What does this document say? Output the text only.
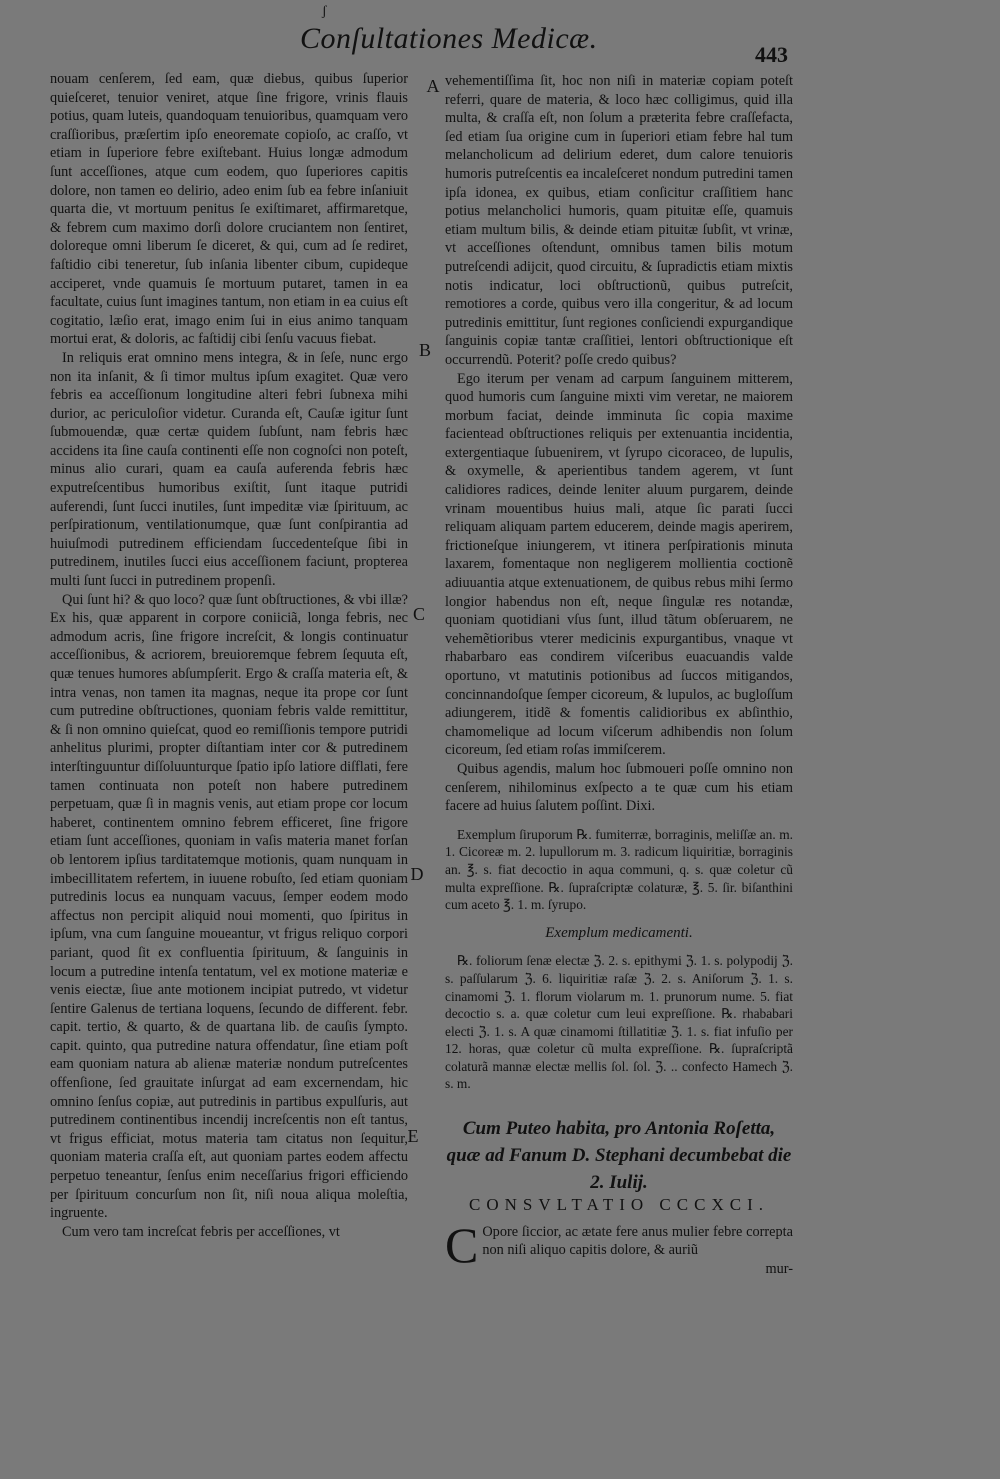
ʃ
Conſultationes Medicæ.	443
A
B
C
D
E

nouam cenſerem, ſed eam, quæ diebus, quibus ſuperior quieſceret, tenuior veniret, atque ſine frigore, vrinis flauis potius, quam luteis, quandoquam tenuioribus, quamquam vero craſſioribus, præſertim ipſo eneoremate copioſo, ac craſſo, vt etiam in ſuperiore febre exiſtebant. Huius longæ admodum ſunt acceſſiones, atque cum eodem, quo ſuperiores capitis dolore, non tamen eo delirio, adeo enim ſub ea febre inſaniuit quarta die, vt mortuum penitus ſe exiſtimaret, affirmaretque, & febrem cum maximo dorſi dolore cruciantem non ſentiret, doloreque omni liberum ſe diceret, & qui, cum ad ſe rediret, faſtidio cibi teneretur, ſub inſania libenter cibum, cupideque acciperet, vnde quamuis ſe mortuum putaret, tamen in ea facultate, cuius ſunt imagines tantum, non etiam in ea cuius eſt cogitatio, læſio erat, imago enim ſui in eius animo tanquam mortui erat, & doloris, ac faſtidij cibi ſenſu vacuus fiebat.

In reliquis erat omnino mens integra, & in ſeſe, nunc ergo non ita inſanit, & ſi timor multus ipſum exagitet. Quæ vero febris ea acceſſionum longitudine alteri febri ſubnexa mihi durior, ac periculoſior videtur. Curanda eſt, Cauſæ igitur ſunt ſubmouendæ, quæ certæ quidem ſubſunt, nam febris hæc accidens ita ſine cauſa continenti eſſe non cognoſci non poteſt, minus alio curari, quam ea cauſa auferenda febris hæc exputreſcentibus humoribus exiſtit, ſunt itaque putridi auferendi, ſunt ſucci inutiles, ſunt impeditæ viæ ſpirituum, ac perſpirationum, ventilationumque, quæ ſunt conſpirantia ad huiuſmodi putredinem efficiendam ſuccedenteſque ſibi in putredinem, inutiles ſucci eius acceſſionem faciunt, propterea multi ſunt ſucci in putredinem propenſi.

Qui ſunt hi? & quo loco? quæ ſunt obſtructiones, & vbi illæ? Ex his, quæ apparent in corpore coniiciã, longa febris, nec admodum acris, ſine frigore increſcit, & longis continuatur acceſſionibus, & acriorem, breuioremque febrem ſequuta eſt, quæ tenues humores abſumpſerit. Ergo & craſſa materia eſt, & intra venas, non tamen ita magnas, neque ita prope cor ſunt cum putredine obſtructiones, quoniam febris valde remittitur, & ſi non omnino quieſcat, quod eo remiſſionis tempore putridi anhelitus plurimi, propter diſtantiam inter cor & putredinem interſtinguuntur diſſoluunturque ſpatio ipſo latiore diſflati, fere tamen continuata non poteſt non habere putredinem perpetuam, quæ ſi in magnis venis, aut etiam prope cor locum haberet, continentem omnino febrem efficeret, ſine frigore etiam ſunt acceſſiones, quoniam in vaſis materia manet forſan ob lentorem ipſius tarditatemque motionis, quam nunquam in imbecillitatem refertem, in iuuene robuſto, ſed etiam quoniam putredinis locus ea nunquam vacuus, ſemper eodem modo affectus non percipit aliquid noui momenti, quo ſpiritus in ipſum, vna cum ſanguine moueantur, vt frigus reliquo corpori pariant, quod ſit ex confluentia ſpirituum, & ſanguinis in locum a putredine intenſa tentatum, vel ex motione materiæ e venis eiectæ, ſiue ante motionem incipiat putredo, vt videtur ſentire Galenus de tertiana loquens, ſecundo de different. febr. capit. tertio, & quarto, & de quartana lib. de cauſis ſympto. capit. quinto, qua putredine natura offendatur, ſine etiam poſt eam quoniam natura ab alienæ materiæ nondum putreſcentes offenſione, ſed grauitate inſurgat ad eam excernendam, hic omnino ſenſus copiæ, aut putredinis in partibus expulſuris, aut putredinem continentibus incendij increſcentis non eſt tantus, vt frigus efficiat, motus materia tam citatus non ſequitur, quoniam materia craſſa eſt, aut quoniam partes eodem affectu perpetuo teneantur, ſenſus enim neceſſarius frigori efficiendo per ſpirituum concurſum non ſit, niſi noua aliqua moleſtia, ingruente.

Cum vero tam increſcat febris per acceſſiones, vt

vehementiſſima ſit, hoc non niſi in materiæ copiam poteſt referri, quare de materia, & loco hæc colligimus, quid illa multa, & craſſa eſt, non ſolum a præterita febre craſſefacta, ſed etiam ſua origine cum in ſuperiori etiam febre hal tum melancholicum ad delirium ederet, dum calore tenuioris humoris putreſcentis ea incaleſceret nondum putredini tamen ipſa idonea, ex quibus, etiam conſicitur craſſitiem hanc potius melancholici humoris, quam pituitæ eſſe, quamuis etiam multum bilis, & deinde etiam pituitæ ſubſit, vt vrinæ, vt acceſſiones oſtendunt, omnibus tamen bilis motum putreſcendi adijcit, quod circuitu, & ſupradictis etiam mixtis notis indicatur, loci obſtructionũ, quibus putreſcit, remotiores a corde, quibus vero illa congeritur, & ad locum putredinis emittitur, ſunt regiones conſiciendi expurgandique ſanguinis copiæ tantæ craſſitiei, lentori obſtructionique eſt occurrendũ. Poterit? poſſe credo quibus?

Ego iterum per venam ad carpum ſanguinem mitterem, quod humoris cum ſanguine mixti vim veretar, ne maiorem morbum faciat, deinde imminuta ſic copia maxime facientead obſtructiones reliquis per extenuantia incidentia, extergentiaque ſubuenirem, vt ſyrupo cicoraceo, de lupulis, & oxymelle, & aperientibus tandem agerem, vt ſunt calidiores radices, deinde leniter aluum purgarem, deinde vrinam mouentibus huius mali, atque ſic parati ſucci reliquam aliquam partem educerem, deinde magis aperirem, frictioneſque iniungerem, vt itinera perſpirationis minuta laxarem, fomentaque non negligerem mollientia coctionẽ adiuuantia atque extenuationem, de quibus rebus mihi ſermo longior habendus non eſt, neque ſingulæ res notandæ, quoniam quotidiani vſus ſunt, illud tãtum obſeruarem, ne vehemẽtioribus vterer medicinis expurgantibus, vnaque vt rhabarbaro eas condirem viſceribus euacuandis valde oportuno, vt matutinis potionibus ad ſuccos mitigandos, concinnandoſque ſemper cicoreum, & lupulos, ac bugloſſum adiungerem, itidẽ & fomentis calidioribus ex abſinthio, chamomelique ad locum viſcerum adhibendis non ſolum cicoreum, ſed etiam roſas immiſcerem.

Quibus agendis, malum hoc ſubmoueri poſſe omnino non cenſerem, nihilominus exſpecto a te quæ cum his etiam facere ad huius ſalutem poſſint. Dixi.

Exemplum ſiruporum ℞. fumiterræ, borraginis, meliſſæ an. m. 1. Cicoreæ m. 2. lupullorum m. 3. radicum liquiritiæ, borraginis an. ℥. s. fiat decoctio in aqua communi, q. s. quæ coletur cũ multa expreſſione. ℞. ſupraſcriptæ colaturæ, ℥. 5. ſir. biſanthini cum aceto ℥. 1. m. ſyrupo.

Exemplum medicamenti.

℞. foliorum ſenæ electæ ℨ. 2. s. epithymi ℨ. 1. s. polypodij ℨ. s. paſſularum ℨ. 6. liquiritiæ raſæ ℨ. 2. s. Aniſorum ℨ. 1. s. cinamomi ℨ. 1. florum violarum m. 1. prunorum nume. 5. fiat decoctio s. a. quæ coletur cum leui expreſſione. ℞. rhababari electi ℨ. 1. s. A quæ cinamomi ſtillatitiæ ℨ. 1. s. fiat infuſio per 12. horas, quæ coletur cũ multa expreſſione. ℞. ſupraſcriptã colaturã mannæ electæ mellis ſol. ſol. ℨ. .. confecto Hamech ℨ. s. m.

Cum Puteo habita, pro Antonia Roſetta, quæ ad Fanum D. Stephani decumbebat die 2. Iulij.

CONSVLTATIO CCCXCI.

C Opore ſiccior, ac ætate fere anus mulier febre correpta non niſi aliquo capitis dolore, & auriũ

mur-
